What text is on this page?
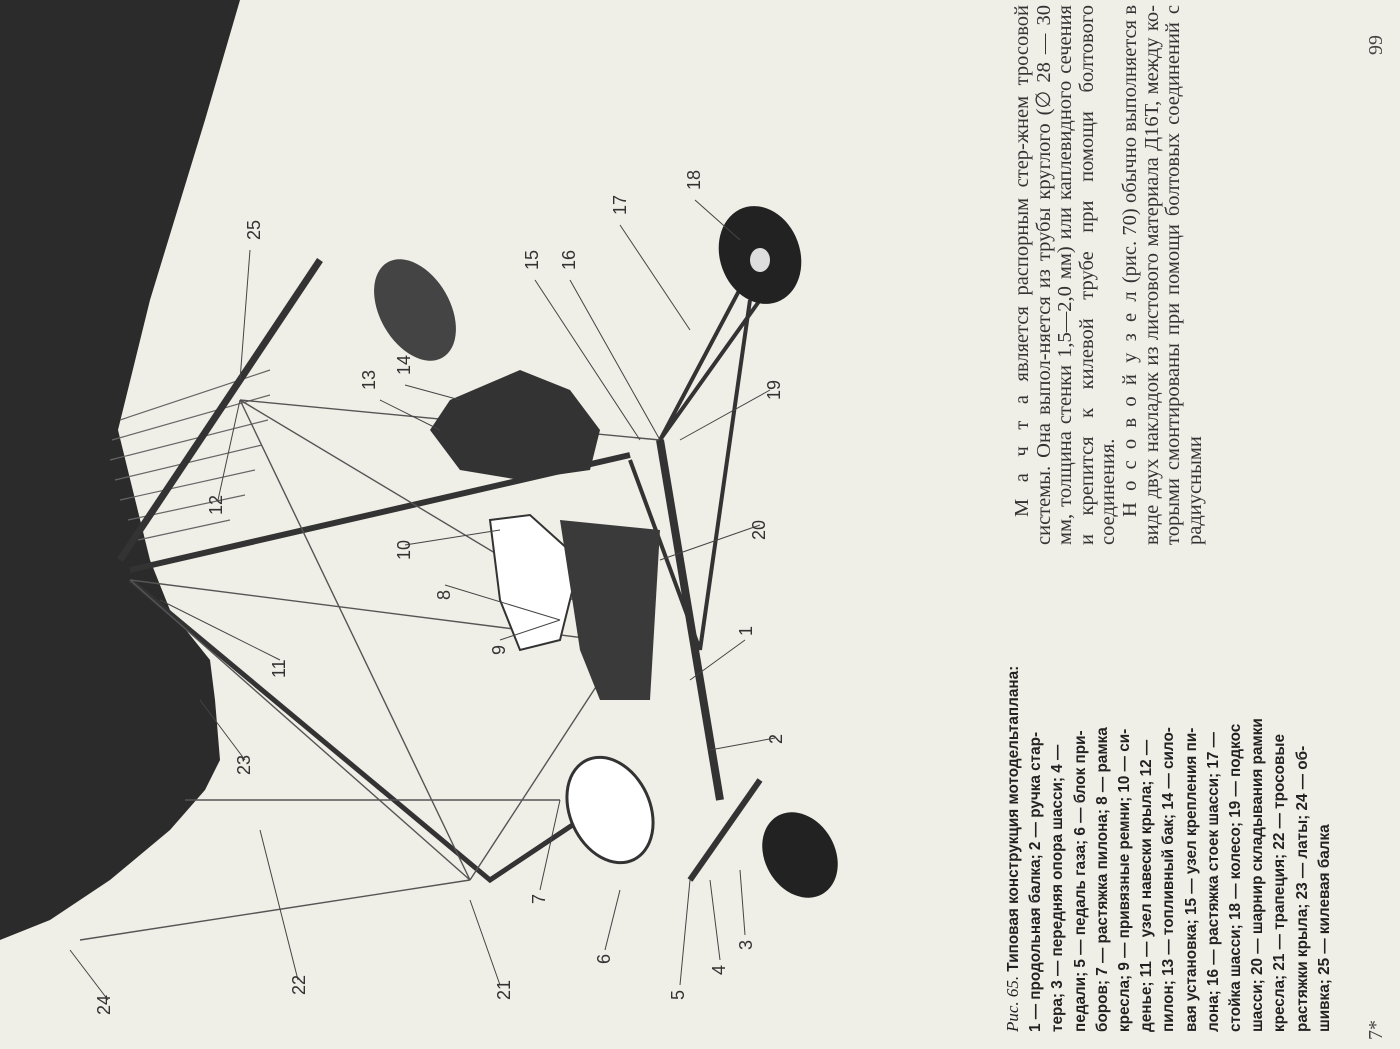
1
2
3
4
5
6
7
8
9
10
11
12
13
14
15 16
17
18
19
20
21
22
23
24
25
Рис. 65. Типовая конструкция мотодельтаплана: 1 — продольная балка; 2 — ручка стар- тера; 3 — передняя опора шасси; 4 — педали; 5 — педаль газа; 6 — блок при- боров; 7 — растяжка пилона; 8 — рамка кресла; 9 — привязные ремни; 10 — си- денье; 11 — узел навески крыла; 12 — пилон; 13 — топливный бак; 14 — сило- вая установка; 15 — узел крепления пи- лона; 16 — растяжка стоек шасси; 17 — стойка шасси; 18 — колесо; 19 — подкос шасси; 20 — шарнир складывания рамки кресла; 21 — трапеция; 22 — тросовые растяжки крыла; 23 — латы; 24 — об- шивка; 25 — килевая балка

М а ч т а является распорным стер-жнем тросовой системы. Она выпол-няется из трубы круглого (∅ 28 — 30 мм, толщина стенки 1,5—2,0 мм) или каплевидного сечения и крепится к килевой трубе при помощи болтового соединения. Н о с о в о й у з е л (рис. 70) обычно выполняется в виде двух накладок из листового материала Д16Т, между ко-торыми смонтированы при помощи болтовых соединений с радиусными

99
7*
